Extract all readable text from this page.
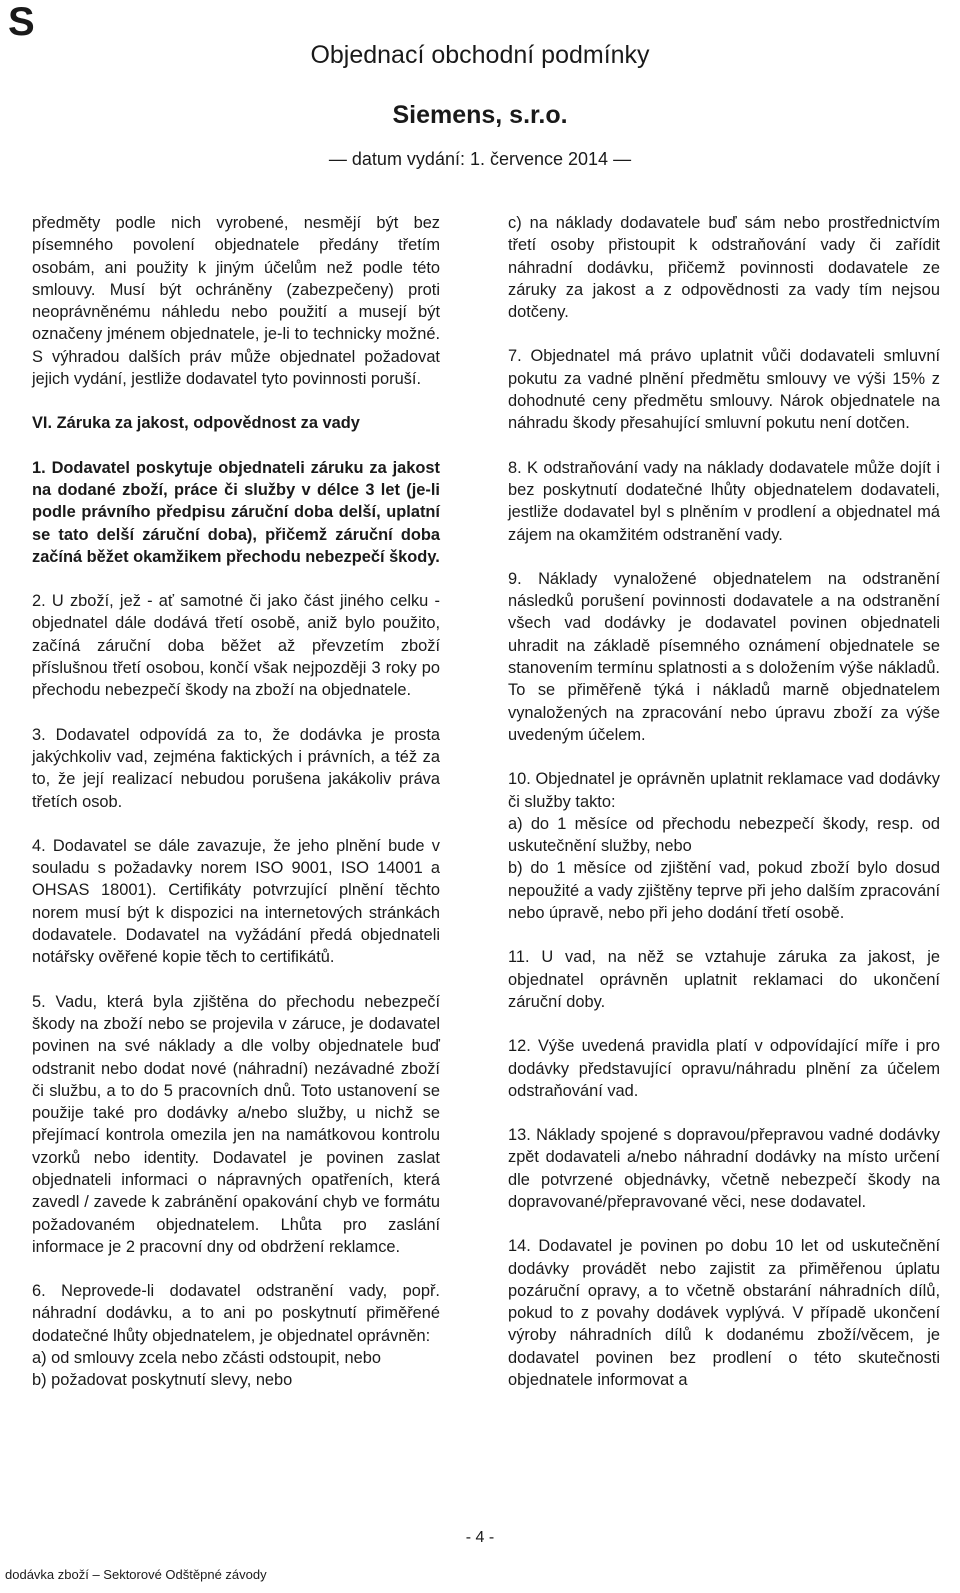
S
Objednací obchodní podmínky
Siemens, s.r.o.
— datum vydání: 1. července 2014 —

předměty podle nich vyrobené, nesmějí být bez písemného povolení objednatele předány třetím osobám, ani použity k jiným účelům než podle této smlouvy. Musí být ochráněny (zabezpečeny) proti neoprávněnému náhledu nebo použití a musejí být označeny jménem objednatele, je-li to technicky možné. S výhradou dalších práv může objednatel požadovat jejich vydání, jestliže dodavatel tyto povinnosti poruší.

VI. Záruka za jakost, odpovědnost za vady

1. Dodavatel poskytuje objednateli záruku za jakost na dodané zboží, práce či služby v délce 3 let (je-li podle právního předpisu záruční doba delší, uplatní se tato delší záruční doba), přičemž záruční doba začíná běžet okamžikem přechodu nebezpečí škody.

2. U zboží, jež - ať samotné či jako část jiného celku - objednatel dále dodává třetí osobě, aniž bylo použito, začíná záruční doba běžet až převzetím zboží příslušnou třetí osobou, končí však nejpozději 3 roky po přechodu nebezpečí škody na zboží na objednatele.

3. Dodavatel odpovídá za to, že dodávka je prosta jakýchkoliv vad, zejména faktických i právních, a též za to, že její realizací nebudou porušena jakákoliv práva třetích osob.

4. Dodavatel se dále zavazuje, že jeho plnění bude v souladu s požadavky norem ISO 9001, ISO 14001 a OHSAS 18001). Certifikáty potvrzující plnění těchto norem musí být k dispozici na internetových stránkách dodavatele. Dodavatel na vyžádání předá objednateli notářsky ověřené kopie těch to certifikátů.

5. Vadu, která byla zjištěna do přechodu nebezpečí škody na zboží nebo se projevila v záruce, je dodavatel povinen na své náklady a dle volby objednatele buď odstranit nebo dodat nové (náhradní) nezávadné zboží či službu, a to do 5 pracovních dnů. Toto ustanovení se použije také pro dodávky a/nebo služby, u nichž se přejímací kontrola omezila jen na namátkovou kontrolu vzorků nebo identity. Dodavatel je povinen zaslat objednateli informaci o nápravných opatřeních, která zavedl / zavede k zabránění opakování chyb ve formátu požadovaném objednatelem. Lhůta pro zaslání informace je 2 pracovní dny od obdržení reklamce.

6. Neprovede-li dodavatel odstranění vady, popř. náhradní dodávku, a to ani po poskytnutí přiměřené dodatečné lhůty objednatelem, je objednatel oprávněn:

a) od smlouvy zcela nebo zčásti odstoupit, nebo

b) požadovat poskytnutí slevy, nebo

c) na náklady dodavatele buď sám nebo prostřednictvím třetí osoby přistoupit k odstraňování vady či zařídit náhradní dodávku, přičemž povinnosti dodavatele ze záruky za jakost a z odpovědnosti za vady tím nejsou dotčeny.

7. Objednatel má právo uplatnit vůči dodavateli smluvní pokutu za vadné plnění předmětu smlouvy ve výši 15% z dohodnuté ceny předmětu smlouvy. Nárok objednatele na náhradu škody přesahující smluvní pokutu není dotčen.

8. K odstraňování vady na náklady dodavatele může dojít i bez poskytnutí dodatečné lhůty objednatelem dodavateli, jestliže dodavatel byl s plněním v prodlení a objednatel má zájem na okamžitém odstranění vady.

9. Náklady vynaložené objednatelem na odstranění následků porušení povinnosti dodavatele a na odstranění všech vad dodávky je dodavatel povinen objednateli uhradit na základě písemného oznámení objednatele se stanovením termínu splatnosti a s doložením výše nákladů. To se přiměřeně týká i nákladů marně objednatelem vynaložených na zpracování nebo úpravu zboží za výše uvedeným účelem.

10. Objednatel je oprávněn uplatnit reklamace vad dodávky či služby takto:

a) do 1 měsíce od přechodu nebezpečí škody, resp. od uskutečnění služby, nebo

b) do 1 měsíce od zjištění vad, pokud zboží bylo dosud nepoužité a vady zjištěny teprve při jeho dalším zpracování nebo úpravě, nebo při jeho dodání třetí osobě.

11. U vad, na něž se vztahuje záruka za jakost, je objednatel oprávněn uplatnit reklamaci do ukončení záruční doby.

12. Výše uvedená pravidla platí v odpovídající míře i pro dodávky představující opravu/náhradu plnění za účelem odstraňování vad.

13. Náklady spojené s dopravou/přepravou vadné dodávky zpět dodavateli a/nebo náhradní dodávky na místo určení dle potvrzené objednávky, včetně nebezpečí škody na dopravované/přepravované věci, nese dodavatel.

14. Dodavatel je povinen po dobu 10 let od uskutečnění dodávky provádět nebo zajistit za přiměřenou úplatu pozáruční opravy, a to včetně obstarání náhradních dílů, pokud to z povahy dodávek vyplývá. V případě ukončení výroby náhradních dílů k dodanému zboží/věcem, je dodavatel povinen bez prodlení o této skutečnosti objednatele informovat a

- 4 -
dodávka zboží – Sektorové Odštěpné závody
